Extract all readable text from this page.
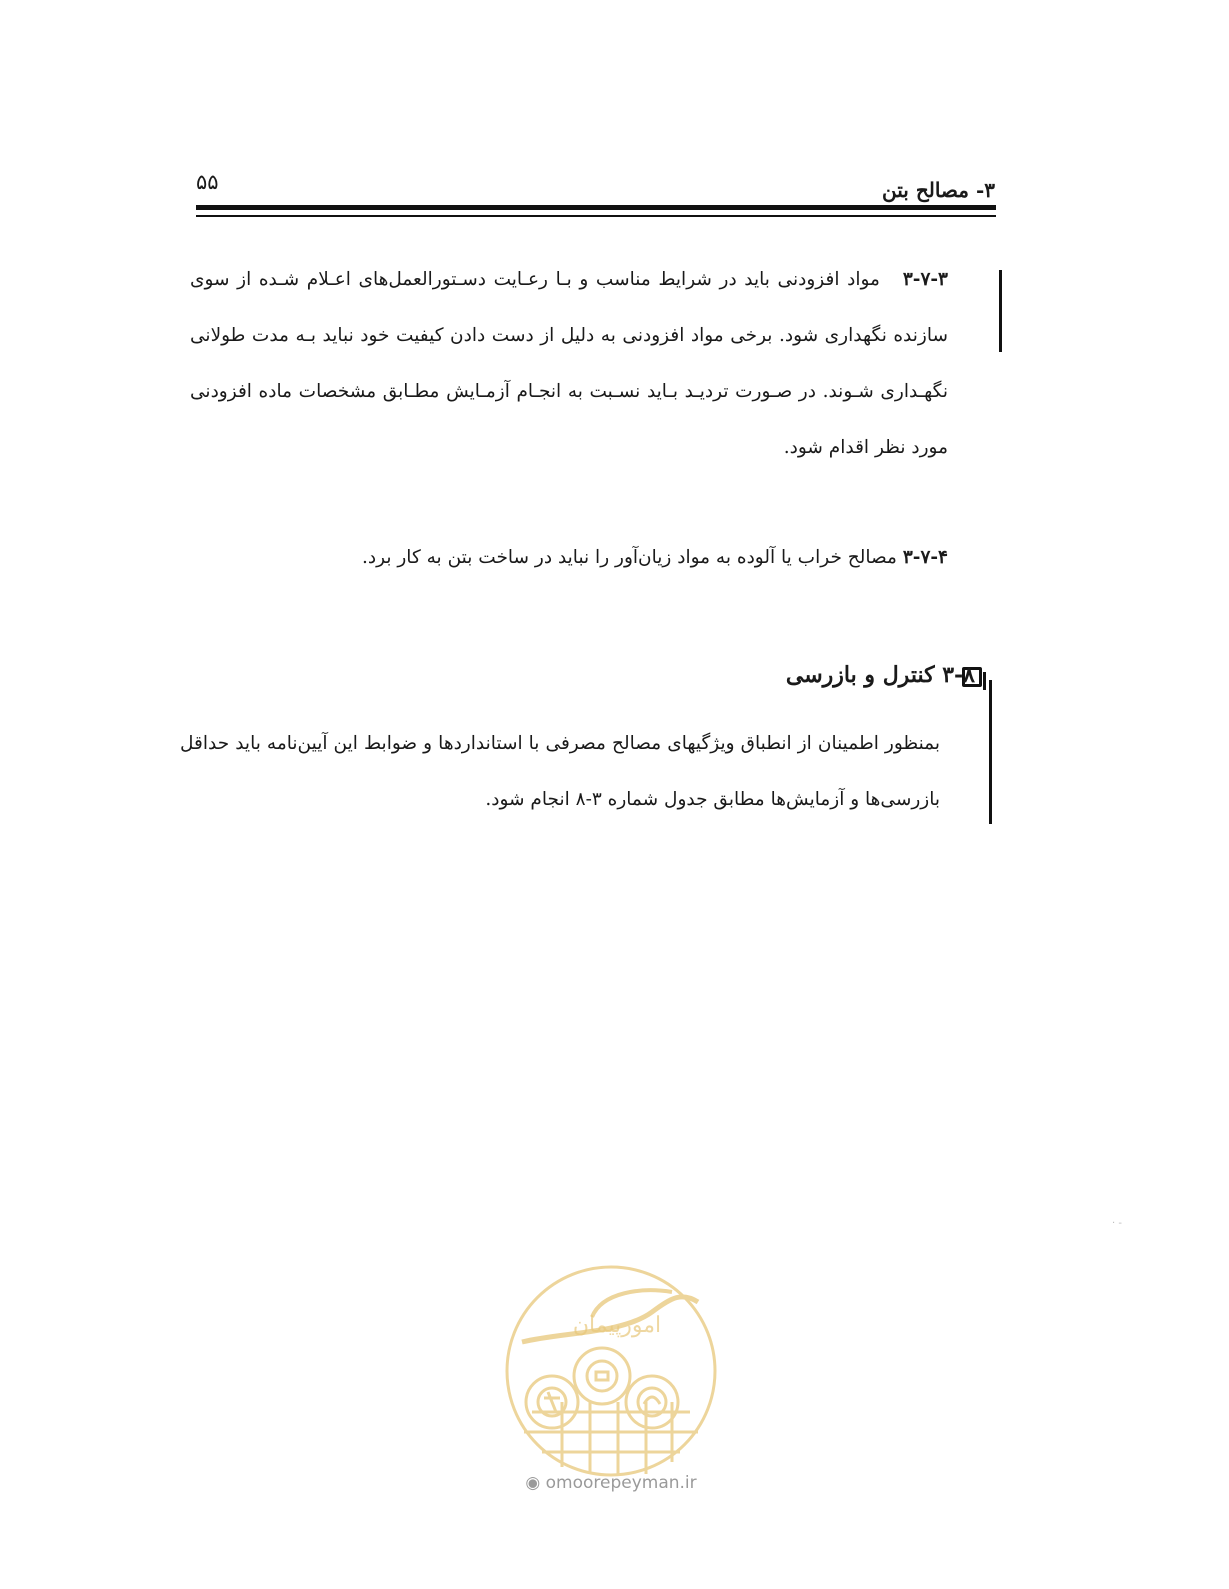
۵۵	۳- مصالح بتن
۳-۷-۳   مواد افزودنی باید در شرایط مناسب و بـا رعـایت دسـتورالعمل‌های اعـلام شـده از سوی سازنده نگهداری شود. برخی مواد افزودنی به دلیل از دست دادن کیفیت خود نباید بـه مدت طولانی نگهـداری شـوند. در صـورت تردیـد بـاید نسـبت به انجـام آزمـایش مطـابق مشخصات ماده افزودنی مورد نظر اقدام شود.
۳-۷-۴ مصالح خراب یا آلوده به مواد زیان‌آور را نباید در ساخت بتن به کار برد.
۳-۸ کنترل و بازرسی
بمنظور اطمینان از انطباق ویژگیهای مصالح مصرفی با استانداردها و ضوابط این آیین‌نامه باید حداقل بازرسی‌ها و آزمایش‌ها مطابق جدول شماره ۳-۸ انجام شود.
· -
امورپیمان
◉ omoorepeyman.ir
